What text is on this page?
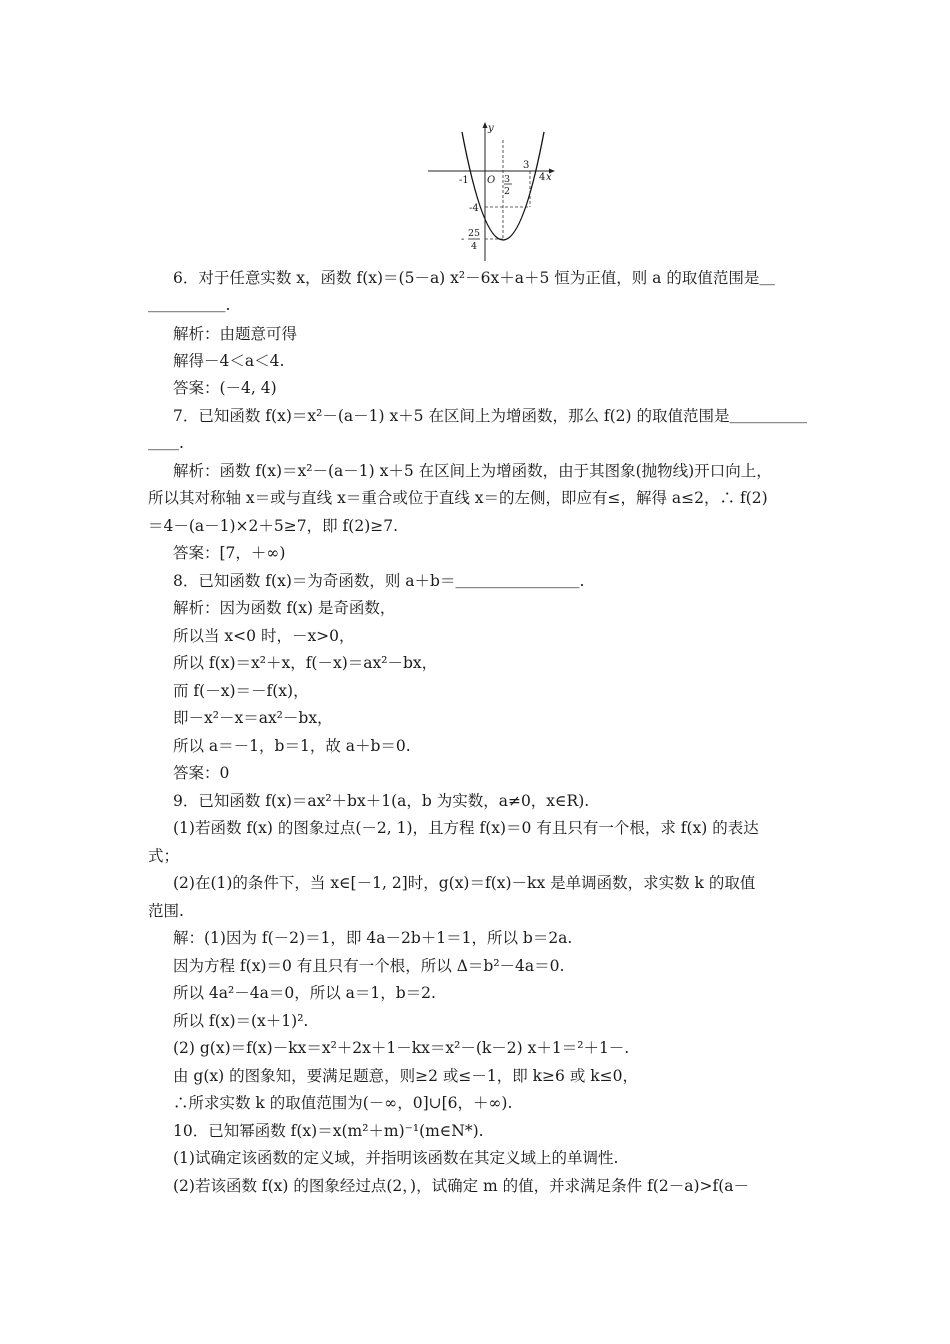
y
x
O
-1
3
3
2
4
-4
-
25
4
6．对于任意实数 x，函数 f(x)＝(5－a) x²－6x＋a＋5 恒为正值，则 a 的取值范围是＿
＿＿＿＿＿.
解析：由题意可得
解得－4＜a＜4.
答案：(－4, 4)
7．已知函数 f(x)＝x²－(a－1) x＋5 在区间上为增函数，那么 f(2) 的取值范围是＿＿＿＿＿
＿＿.
解析：函数 f(x)＝x²－(a－1) x＋5 在区间上为增函数，由于其图象(抛物线)开口向上，
所以其对称轴 x＝或与直线 x＝重合或位于直线 x＝的左侧，即应有≤，解得 a≤2，∴ f(2)
＝4－(a－1)×2＋5≥7，即 f(2)≥7.
答案：[7，＋∞)
8．已知函数 f(x)＝为奇函数，则 a＋b＝＿＿＿＿＿＿＿＿.
解析：因为函数 f(x) 是奇函数，
所以当 x<0 时，－x>0，
所以 f(x)＝x²＋x，f(－x)＝ax²－bx，
而 f(－x)＝－f(x)，
即－x²－x＝ax²－bx，
所以 a＝－1，b＝1，故 a＋b＝0.
答案：0
9．已知函数 f(x)＝ax²＋bx＋1(a，b 为实数，a≠0，x∈R).
(1)若函数 f(x) 的图象过点(－2, 1)，且方程 f(x)＝0 有且只有一个根，求 f(x) 的表达
式；
(2)在(1)的条件下，当 x∈[－1, 2]时，g(x)＝f(x)－kx 是单调函数，求实数 k 的取值
范围.
解：(1)因为 f(－2)＝1，即 4a－2b＋1＝1，所以 b＝2a.
因为方程 f(x)＝0 有且只有一个根，所以 Δ＝b²－4a＝0.
所以 4a²－4a＝0，所以 a＝1，b＝2.
所以 f(x)＝(x＋1)².
(2) g(x)＝f(x)－kx＝x²＋2x＋1－kx＝x²－(k－2) x＋1＝²＋1－.
由 g(x) 的图象知，要满足题意，则≥2 或≤－1，即 k≥6 或 k≤0，
∴所求实数 k 的取值范围为(－∞，0]∪[6，＋∞).
10．已知幂函数 f(x)＝x(m²＋m)⁻¹(m∈N*).
(1)试确定该函数的定义域，并指明该函数在其定义域上的单调性.
(2)若该函数 f(x) 的图象经过点(2，)，试确定 m 的值，并求满足条件 f(2－a)>f(a－
